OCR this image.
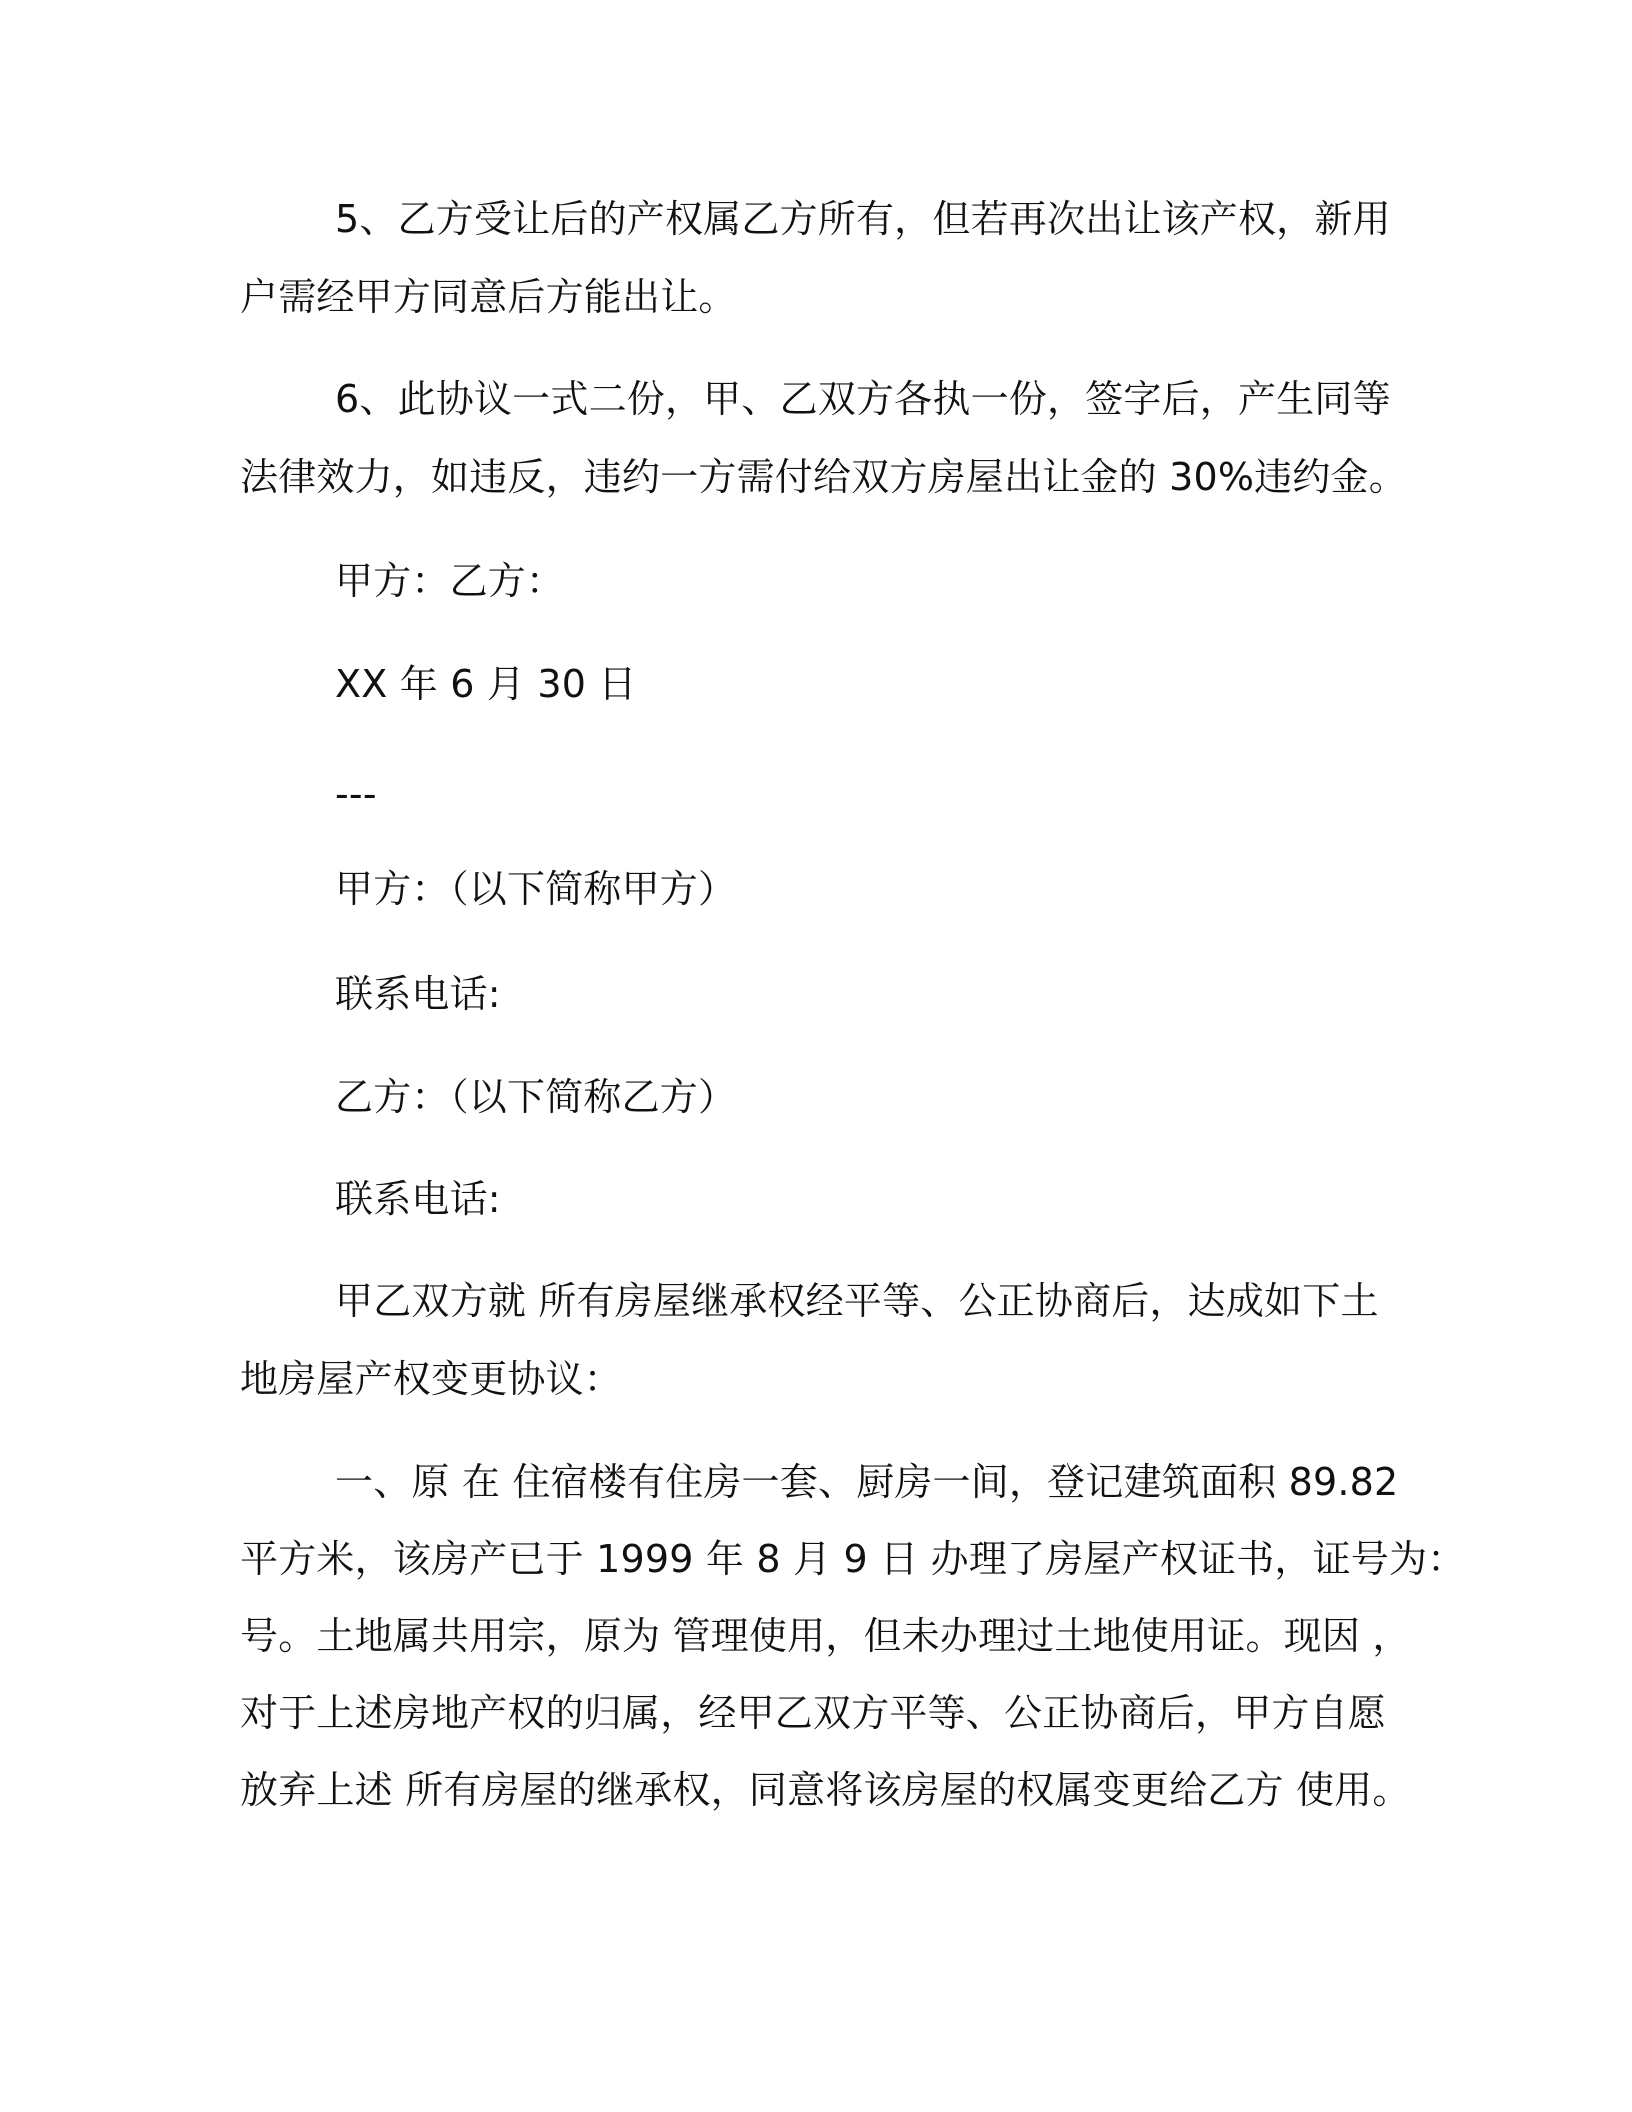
5、乙方受让后的产权属乙方所有，但若再次出让该产权，新用
户需经甲方同意后方能出让。
6、此协议一式二份，甲、乙双方各执一份，签字后，产生同等
法律效力，如违反，违约一方需付给双方房屋出让金的 30%违约金。
甲方：乙方：
XX 年 6 月 30 日
---
甲方：（以下简称甲方）
联系电话:
乙方：（以下简称乙方）
联系电话:
甲乙双方就 所有房屋继承权经平等、公正协商后，达成如下土
地房屋产权变更协议：
一、原 在 住宿楼有住房一套、厨房一间，登记建筑面积 89.82
平方米，该房产已于 1999 年 8 月 9 日 办理了房屋产权证书，证号为：
号。土地属共用宗，原为 管理使用，但未办理过土地使用证。现因 ，
对于上述房地产权的归属，经甲乙双方平等、公正协商后，甲方自愿
放弃上述 所有房屋的继承权，同意将该房屋的权属变更给乙方 使用。
